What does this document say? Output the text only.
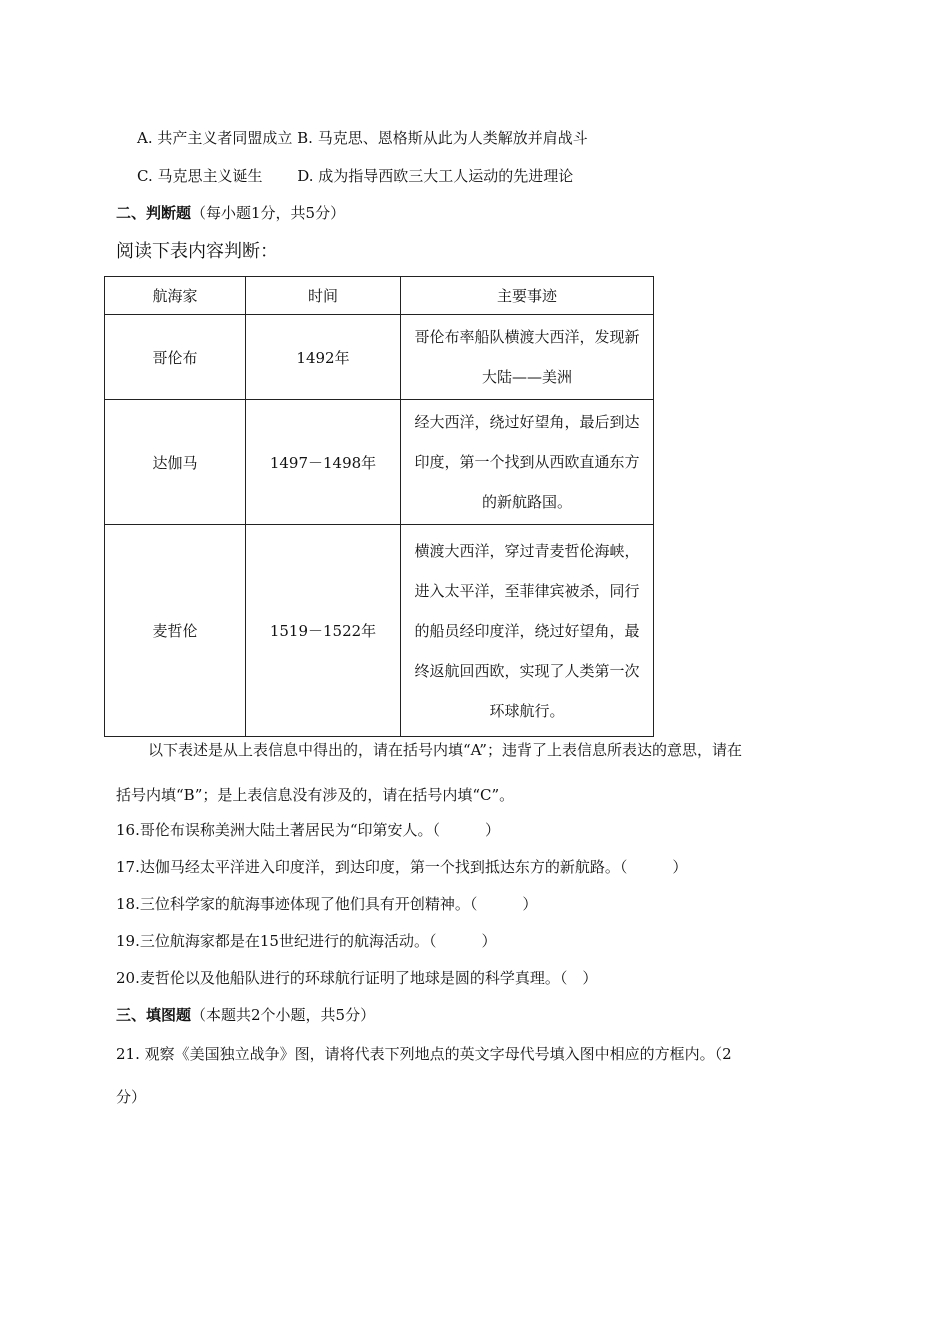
A. 共产主义者同盟成立 B. 马克思、恩格斯从此为人类解放并肩战斗
C. 马克思主义诞生　　 D. 成为指导西欧三大工人运动的先进理论
二、判断题（每小题1分，共5分）
阅读下表内容判断：
航海家	时间	主要事迹
哥伦布	1492年	哥伦布率船队横渡大西洋，发现新大陆——美洲
达伽马	1497－1498年	经大西洋，绕过好望角，最后到达印度，第一个找到从西欧直通东方的新航路国。
麦哲伦	1519－1522年	横渡大西洋，穿过青麦哲伦海峡，进入太平洋，至菲律宾被杀，同行的船员经印度洋，绕过好望角，最终返航回西欧，实现了人类第一次环球航行。
以下表述是从上表信息中得出的，请在括号内填“A”；违背了上表信息所表达的意思，请在
括号内填“B”；是上表信息没有涉及的，请在括号内填“C”。
16.哥伦布误称美洲大陆土著居民为“印第安人。（　　　）
17.达伽马经太平洋进入印度洋，到达印度，第一个找到抵达东方的新航路。（　　　）
18.三位科学家的航海事迹体现了他们具有开创精神。（　　　）
19.三位航海家都是在15世纪进行的航海活动。（　　　）
20.麦哲伦以及他船队进行的环球航行证明了地球是圆的科学真理。（　）
三、填图题（本题共2个小题，共5分）
21. 观察《美国独立战争》图，请将代表下列地点的英文字母代号填入图中相应的方框内。（2
分）
